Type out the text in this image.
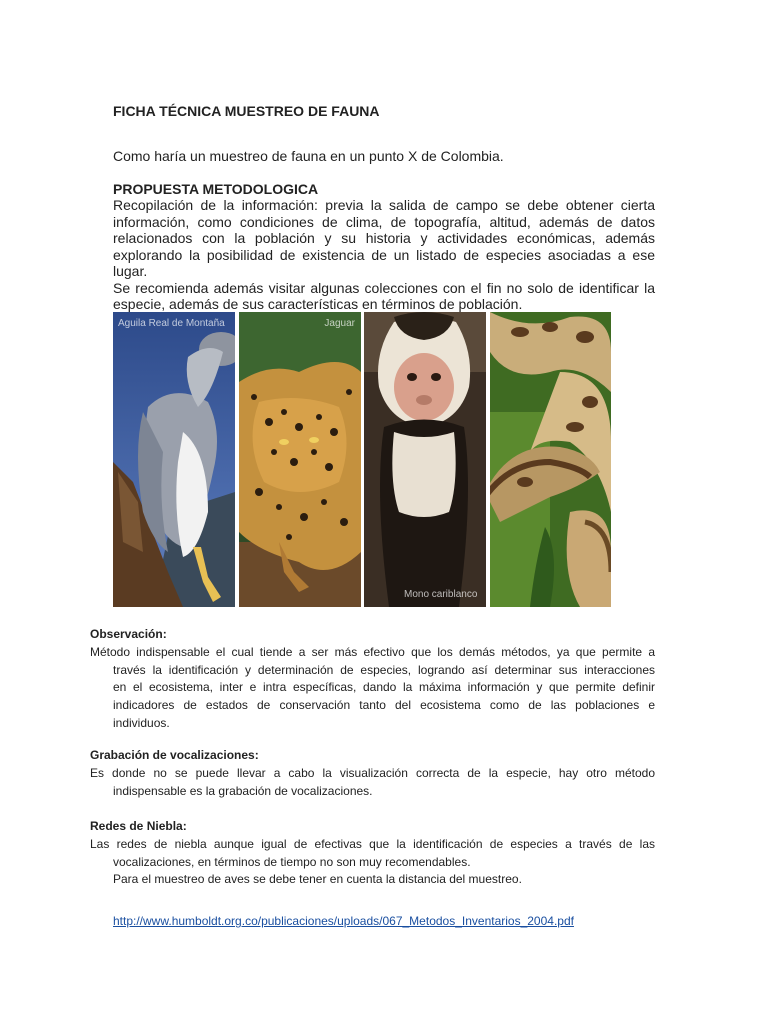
FICHA TÉCNICA MUESTREO DE FAUNA
Como haría un muestreo de fauna en un punto X de Colombia.
PROPUESTA METODOLOGICA
Recopilación de la información: previa la salida de campo se debe obtener cierta
información, como condiciones de clima, de topografía, altitud, además de datos
relacionados con la población y su historia y actividades económicas, además
explorando la posibilidad de existencia de un listado de especies asociadas a ese lugar.
Se recomienda además visitar algunas colecciones con el fin no solo de identificar la
especie, además de sus características en términos de población.
Aguila Real de Montaña	Jaguar
Mono cariblanco
Observación:
Método indispensable el cual tiende a ser más efectivo que los demás métodos, ya que permite a
través la identificación y determinación de especies, logrando así determinar sus interacciones
en el ecosistema, inter e intra específicas, dando la máxima información y que permite definir
indicadores de estados de conservación tanto del ecosistema como de las poblaciones e
individuos.
Grabación de vocalizaciones:
Es donde no se puede llevar a cabo la visualización correcta de la especie, hay otro método
indispensable es la grabación de vocalizaciones.
Redes de Niebla:
Las redes de niebla aunque igual de efectivas que la identificación de especies a través de las
vocalizaciones, en términos de tiempo no son muy recomendables.
Para el muestreo de aves se debe tener en cuenta la distancia del muestreo.
http://www.humboldt.org.co/publicaciones/uploads/067_Metodos_Inventarios_2004.pdf
